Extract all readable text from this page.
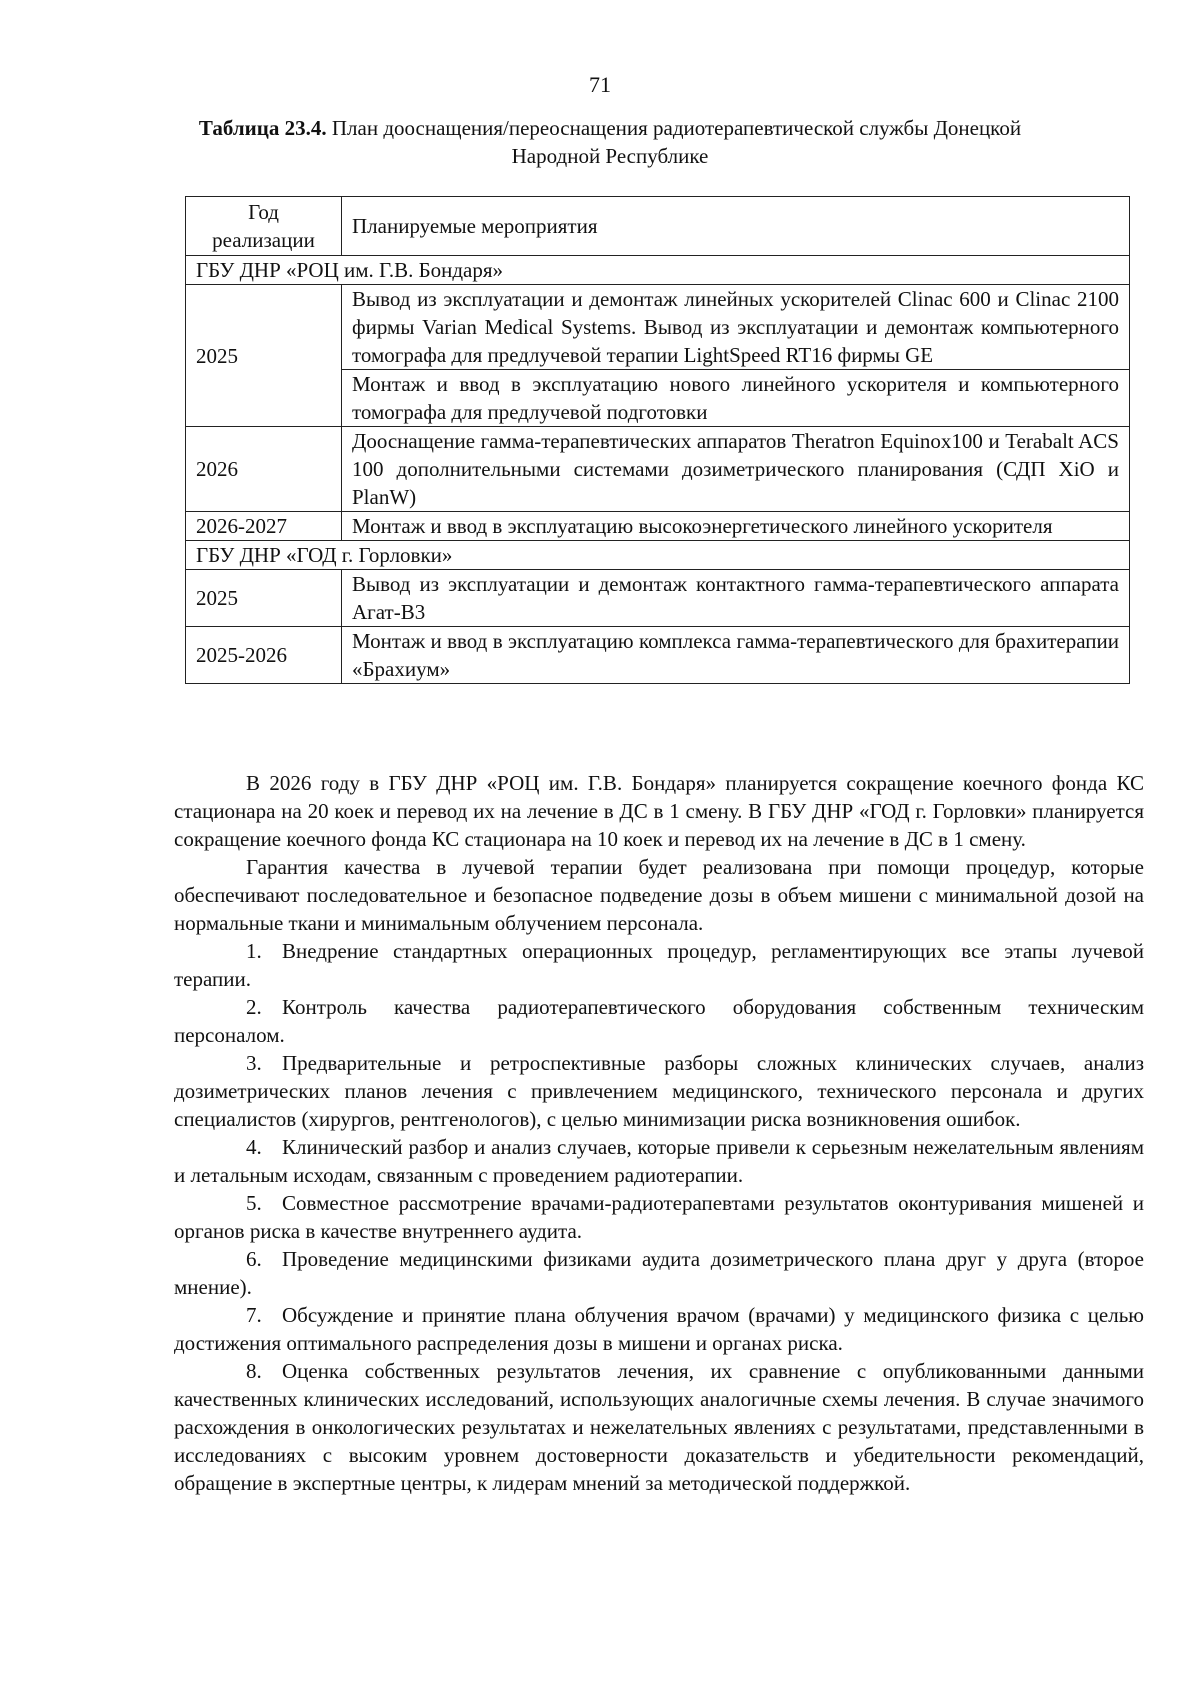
71
Таблица 23.4. План дооснащения/переоснащения радиотерапевтической службы Донецкой Народной Республике
Год реализации	Планируемые мероприятия
ГБУ ДНР «РОЦ им. Г.В. Бондаря»	
2025	Вывод из эксплуатации и демонтаж линейных ускорителей Clinac 600 и Clinac 2100 фирмы Varian Medical Systems. Вывод из эксплуатации и демонтаж компьютерного томографа для предлучевой терапии LightSpeed RT16 фирмы GE
	Монтаж и ввод в эксплуатацию нового линейного ускорителя и компьютерного томографа для предлучевой подготовки
2026	Дооснащение гамма-терапевтических аппаратов Theratron Equinox100 и Terabalt ACS 100 дополнительными системами дозиметрического планирования (СДП XiO и PlanW)
2026-2027	Монтаж и ввод в эксплуатацию высокоэнергетического линейного ускорителя
ГБУ ДНР «ГОД г. Горловки»	
2025	Вывод из эксплуатации и демонтаж контактного гамма-терапевтического аппарата Агат-В3
2025-2026	Монтаж и ввод в эксплуатацию комплекса гамма-терапевтического для брахитерапии «Брахиум»

В 2026 году в ГБУ ДНР «РОЦ им. Г.В. Бондаря» планируется сокращение коечного фонда КС стационара на 20 коек и перевод их на лечение в ДС в 1 смену. В ГБУ ДНР «ГОД г. Горловки» планируется сокращение коечного фонда КС стационара на 10 коек и перевод их на лечение в ДС в 1 смену.

Гарантия качества в лучевой терапии будет реализована при помощи процедур, которые обеспечивают последовательное и безопасное подведение дозы в объем мишени с минимальной дозой на нормальные ткани и минимальным облучением персонала.

1. Внедрение стандартных операционных процедур, регламентирующих все этапы лучевой терапии.

2. Контроль качества радиотерапевтического оборудования собственным техническим персоналом.

3. Предварительные и ретроспективные разборы сложных клинических случаев, анализ дозиметрических планов лечения с привлечением медицинского, технического персонала и других специалистов (хирургов, рентгенологов), с целью минимизации риска возникновения ошибок.

4. Клинический разбор и анализ случаев, которые привели к серьезным нежелательным явлениям и летальным исходам, связанным с проведением радиотерапии.

5. Совместное рассмотрение врачами-радиотерапевтами результатов оконтуривания мишеней и органов риска в качестве внутреннего аудита.

6. Проведение медицинскими физиками аудита дозиметрического плана друг у друга (второе мнение).

7. Обсуждение и принятие плана облучения врачом (врачами) у медицинского физика с целью достижения оптимального распределения дозы в мишени и органах риска.

8. Оценка собственных результатов лечения, их сравнение с опубликованными данными качественных клинических исследований, использующих аналогичные схемы лечения. В случае значимого расхождения в онкологических результатах и нежелательных явлениях с результатами, представленными в исследованиях с высоким уровнем достоверности доказательств и убедительности рекомендаций, обращение в экспертные центры, к лидерам мнений за методической поддержкой.
